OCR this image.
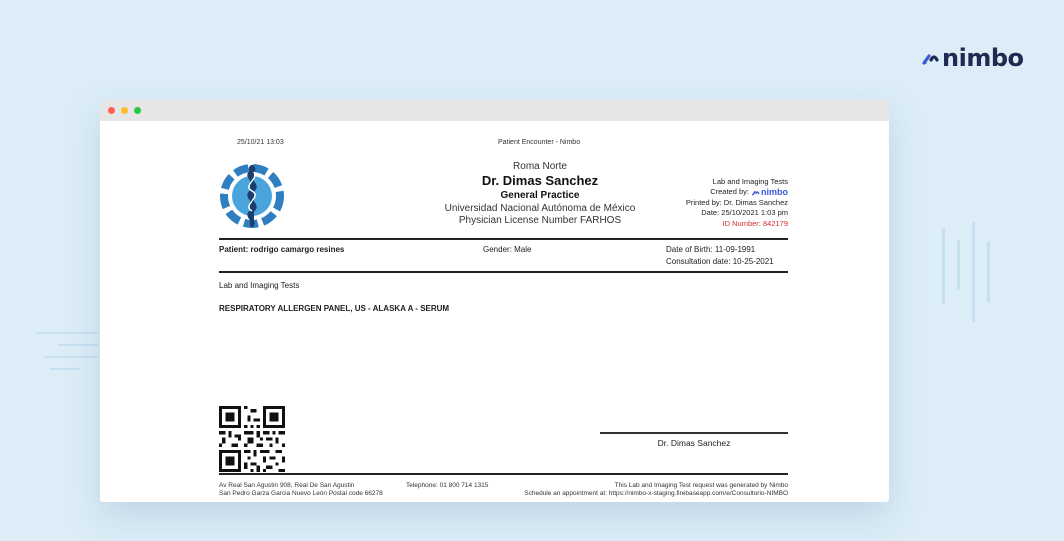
nimbo
25/10/21 13:03	Patient Encounter - Nimbo
Roma Norte
Dr. Dimas Sanchez
General Practice
Universidad Nacional Autónoma de México
Physician License Number FARHOS
Lab and Imaging Tests
Created by: nimbo
Printed by: Dr. Dimas Sanchez
Date: 25/10/2021 1:03 pm
ID Number: 842179
Patient: rodrigo camargo resines	Gender: Male	Date of Birth: 11-09-1991
Consultation date: 10-25-2021
Lab and Imaging Tests
RESPIRATORY ALLERGEN PANEL, US - ALASKA A - SERUM
Dr. Dimas Sanchez
Av Real San Agustin 908, Real De San Agustin
San Pedro Garza Garcia Nuevo León Postal code 66278
Telephone: 01 800 714 1315	This Lab and Imaging Test request was generated by Nimbo
Schedule an appointment at: https://nimbo-x-staging.firebaseapp.com/e/Consultorio-NIMBO
